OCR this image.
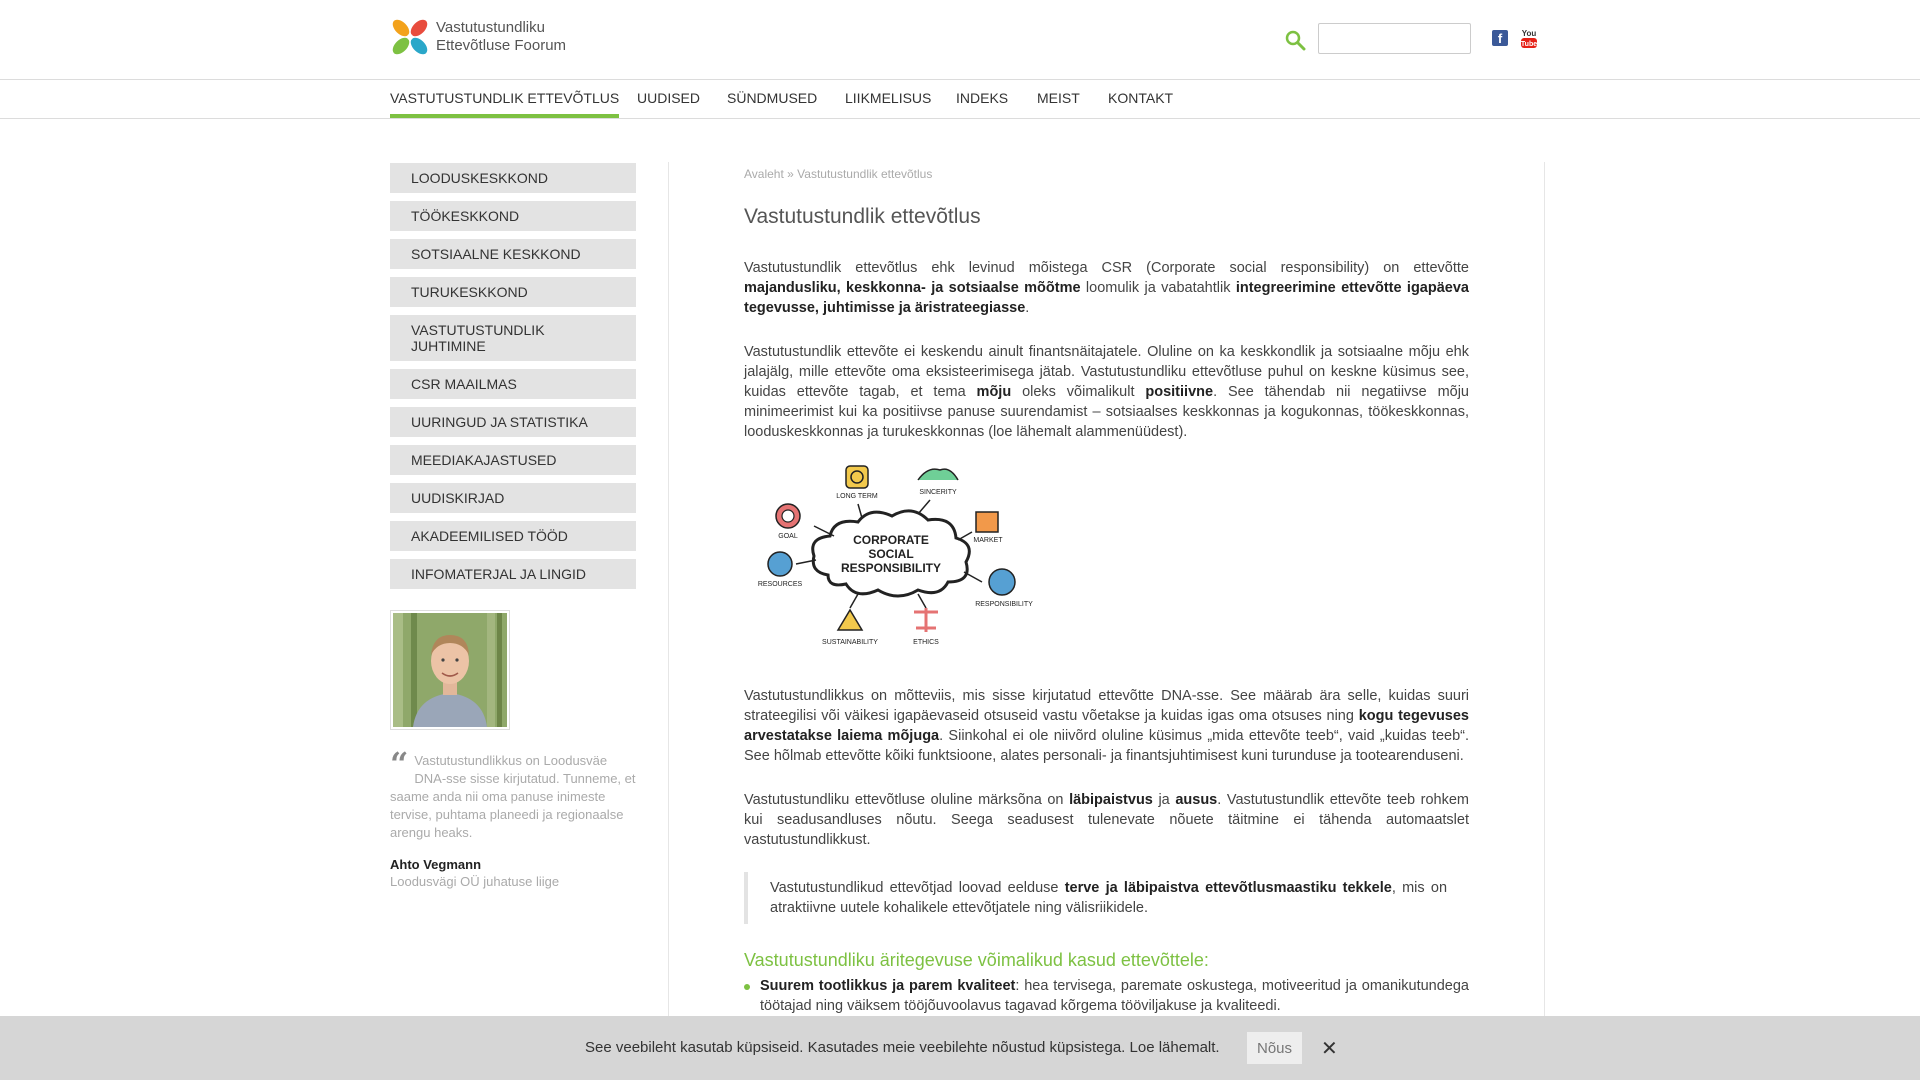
Vastutustundliku
Ettevõtluse Foorum	f	You
Tube
VASTUTUSTUNDLIK ETTEVÕTLUS UUDISED SÜNDMUSED LIIKMELISUS INDEKS MEIST KONTAKT
LOODUSKESKKOND
TÖÖKESKKOND
SOTSIAALNE KESKKOND
TURUKESKKOND
VASTUTUSTUNDLIK JUHTIMINE
CSR MAAILMAS
UURINGUD JA STATISTIKA
MEEDIAKAJASTUSED
UUDISKIRJAD
AKADEEMILISED TÖÖD
INFOMATERJAL JA LINGID
“ Vastutustundlikkus on Loodusväe DNA-sse sisse kirjutatud. Tunneme, et saame anda nii oma panuse inimeste tervise, puhtama planeedi ja regionaalse arengu heaks.
Ahto Vegmann
Loodusvägi OÜ juhatuse liige
Avaleht » Vastutustundlik ettevõtlus
Vastutustundlik ettevõtlus

Vastutustundlik ettevõtlus ehk levinud mõistega CSR (Corporate social responsibility) on ettevõtte majandusliku, keskkonna- ja sotsiaalse mõõtme loomulik ja vabatahtlik integreerimine ettevõtte igapäeva tegevusse, juhtimisse ja äristrateegiasse.

Vastutustundlik ettevõte ei keskendu ainult finantsnäitajatele. Oluline on ka keskkondlik ja sotsiaalne mõju ehk jalajälg, mille ettevõte oma eksisteerimisega jätab. Vastutustundliku ettevõtluse puhul on keskne küsimus see, kuidas ettevõte tagab, et tema mõju oleks võimalikult positiivne. See tähendab nii negatiivse mõju minimeerimist kui ka positiivse panuse suurendamist – sotsiaalses keskkonnas ja kogukonnas, töökeskkonnas, looduskeskkonnas ja turukeskkonnas (loe lähemalt alammenüüdest).

CORPORATE
SOCIAL
RESPONSIBILITY
LONG TERM
SINCERITY
GOAL
MARKET
RESOURCES
RESPONSIBILITY
SUSTAINABILITY	ETHICS

Vastutustundlikkus on mõtteviis, mis sisse kirjutatud ettevõtte DNA-sse. See määrab ära selle, kuidas suuri strateegilisi või väikesi igapäevaseid otsuseid vastu võetakse ja kuidas igas oma otsuses ning kogu tegevuses arvestatakse laiema mõjuga. Siinkohal ei ole niivõrd oluline küsimus „mida ettevõte teeb“, vaid „kuidas teeb“. See hõlmab ettevõtte kõiki funktsioone, alates personali- ja finantsjuhtimisest kuni turunduse ja tootearenduseni.

Vastutustundliku ettevõtluse oluline märksõna on läbipaistvus ja ausus. Vastutustundlik ettevõte teeb rohkem kui seadusandluses nõutu. Seega seadusest tulenevate nõuete täitmine ei tähenda automaatslet vastutustundlikkust.

Vastutustundlikud ettevõtjad loovad eelduse terve ja läbipaistva ettevõtlusmaastiku tekkele, mis on atraktiivne uutele kohalikele ettevõtjatele ning välisriikidele.
Vastutustundliku äritegevuse võimalikud kasud ettevõttele:
Suurem tootlikkus ja parem kvaliteet: hea tervisega, paremate oskustega, motiveeritud ja omanikutundega töötajad ning väiksem tööjõuvoolavus tagavad kõrgema tööviljakuse ja kvaliteedi.
See veebileht kasutab küpsiseid. Kasutades meie veebilehte nõustud küpsistega. Loe lähemalt.	Nõus	✕
